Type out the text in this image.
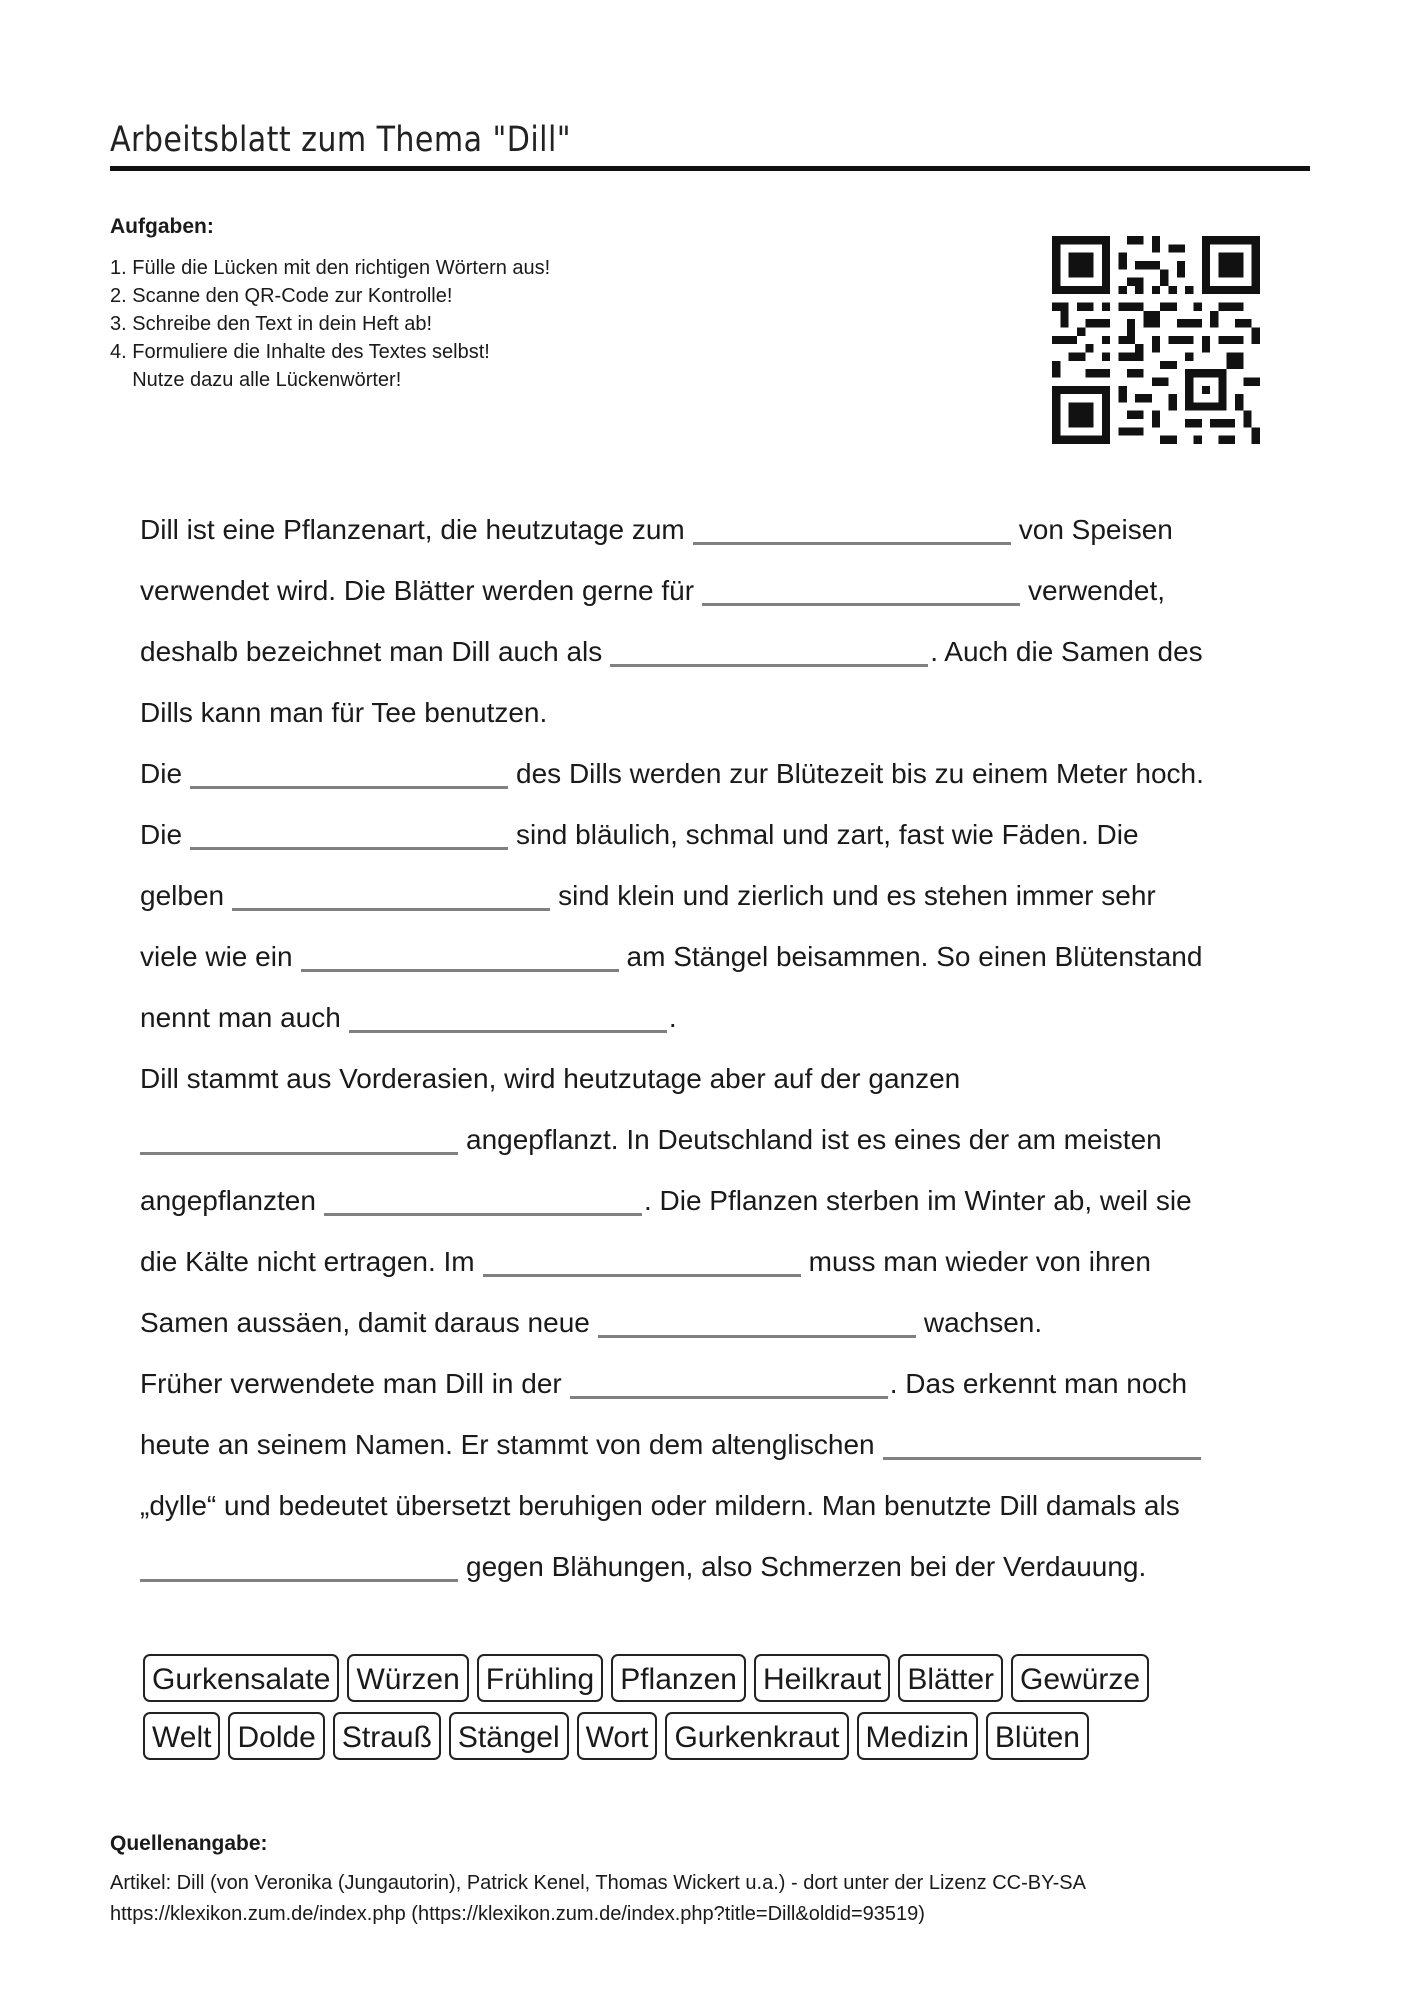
Arbeitsblatt zum Thema "Dill"
Aufgaben:
1. Fülle die Lücken mit den richtigen Wörtern aus!
2. Scanne den QR-Code zur Kontrolle!
3. Schreibe den Text in dein Heft ab!
4. Formuliere die Inhalte des Textes selbst!
Nutze dazu alle Lückenwörter!
Dill ist eine Pflanzenart, die heutzutage zum	von Speisen
verwendet wird. Die Blätter werden gerne für	verwendet,
deshalb bezeichnet man Dill auch als	. Auch die Samen des
Dills kann man für Tee benutzen.
Die	des Dills werden zur Blütezeit bis zu einem Meter hoch.
Die	sind bläulich, schmal und zart, fast wie Fäden. Die
gelben	sind klein und zierlich und es stehen immer sehr
viele wie ein	am Stängel beisammen. So einen Blütenstand
nennt man auch	.
Dill stammt aus Vorderasien, wird heutzutage aber auf der ganzen
angepflanzt. In Deutschland ist es eines der am meisten
angepflanzten	. Die Pflanzen sterben im Winter ab, weil sie
die Kälte nicht ertragen. Im	muss man wieder von ihren
Samen aussäen, damit daraus neue	wachsen.
Früher verwendete man Dill in der	. Das erkennt man noch
heute an seinem Namen. Er stammt von dem altenglischen
„dylle“ und bedeutet übersetzt beruhigen oder mildern. Man benutzte Dill damals als
gegen Blähungen, also Schmerzen bei der Verdauung.
Gurkensalate Würzen Frühling Pflanzen Heilkraut Blätter Gewürze
Welt Dolde Strauß Stängel Wort Gurkenkraut Medizin Blüten
Quellenangabe:
Artikel: Dill (von Veronika (Jungautorin), Patrick Kenel, Thomas Wickert u.a.) - dort unter der Lizenz CC-BY-SA
https://klexikon.zum.de/index.php (https://klexikon.zum.de/index.php?title=Dill&oldid=93519)
